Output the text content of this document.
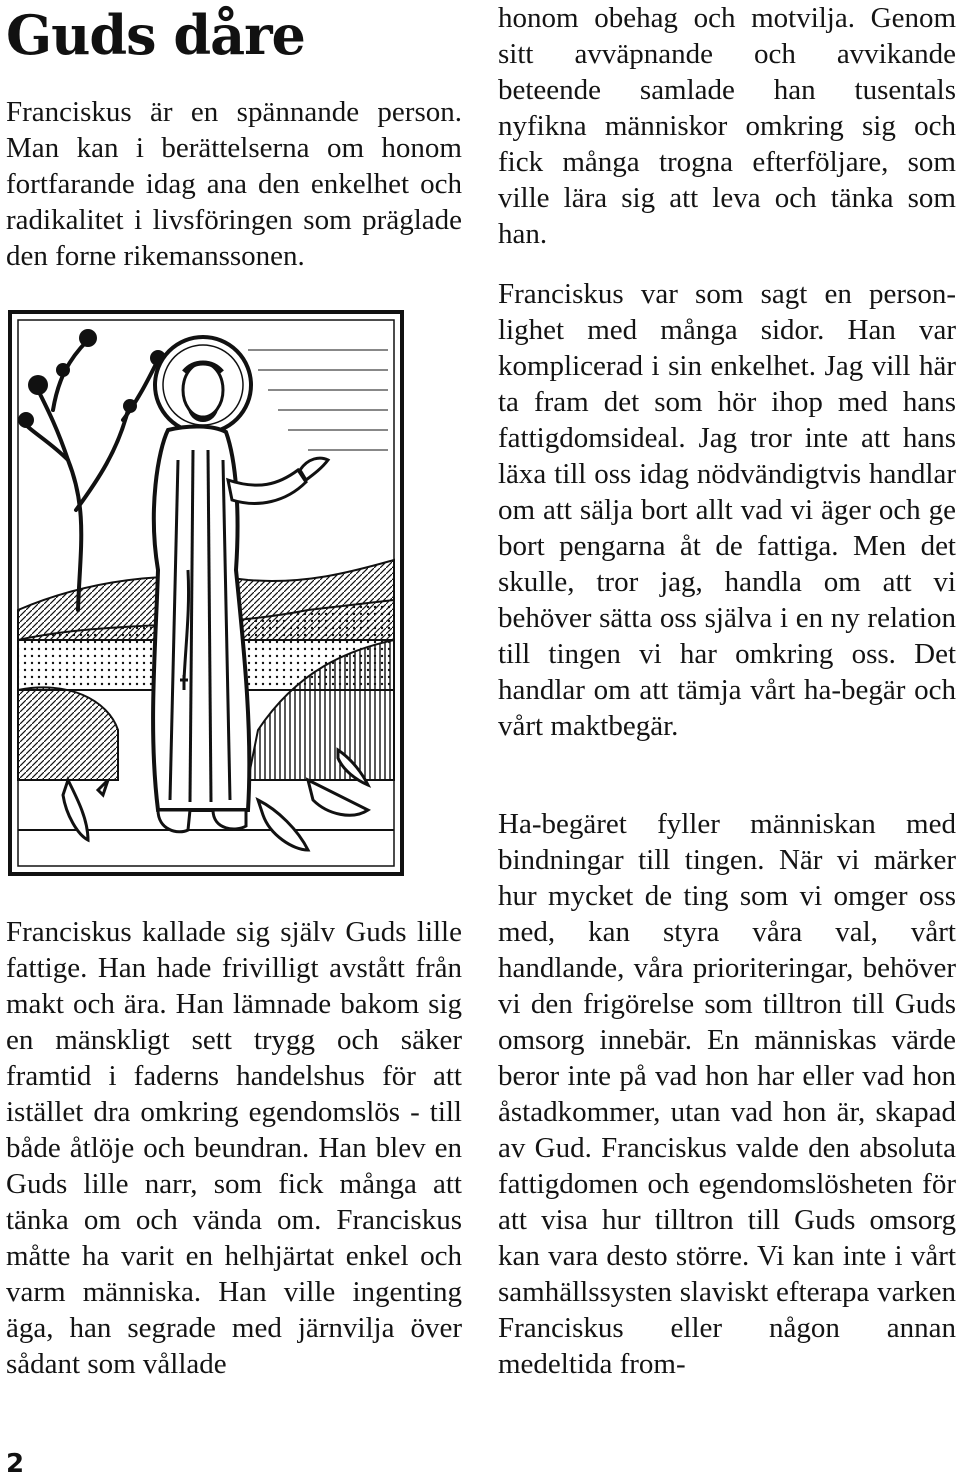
Guds dåre

Franciskus är en spännande person. Man kan i berättelserna om honom fortfarande idag ana den enkelhet och radikalitet i livsföringen som präglade den forne rikemanssonen.

Franciskus kallade sig själv Guds lille fattige. Han hade frivilligt avstått från makt och ära. Han lämnade bakom sig en mänskligt sett trygg och säker framtid i faderns handelshus för att istället dra omkring egendomslös - till både åtlöje och beundran. Han blev en Guds lille narr, som fick många att tänka om och vända om. Franciskus måtte ha varit en helhjärtat enkel och varm människa. Han ville ingenting äga, han segrade med järnvilja över sådant som vållade

honom obehag och motvilja. Genom sitt avväpnande och avvikande beteende samlade han tusentals nyfikna människor omkring sig och fick många trogna efterföljare, som ville lära sig att leva och tänka som han.

Franciskus var som sagt en personlighet med många sidor. Han var komplicerad i sin enkelhet. Jag vill här ta fram det som hör ihop med hans fattigdomsideal. Jag tror inte att hans läxa till oss idag nödvändigtvis handlar om att sälja bort allt vad vi äger och ge bort pengarna åt de fattiga. Men det skulle, tror jag, handla om att vi behöver sätta oss själva i en ny relation till tingen vi har omkring oss. Det handlar om att tämja vårt ha-begär och vårt maktbegär.

Ha-begäret fyller människan med bindningar till tingen. När vi märker hur mycket de ting som vi omger oss med, kan styra våra val, vårt handlande, våra prioriteringar, behöver vi den frigörelse som tilltron till Guds omsorg innebär. En människas värde beror inte på vad hon har eller vad hon åstadkommer, utan vad hon är, skapad av Gud. Franciskus valde den absoluta fattigdomen och egendomslösheten för att visa hur tilltron till Guds omsorg kan vara desto större. Vi kan inte i vårt samhällssysten slaviskt efterapa varken Franciskus eller någon annan medeltida from-

2
